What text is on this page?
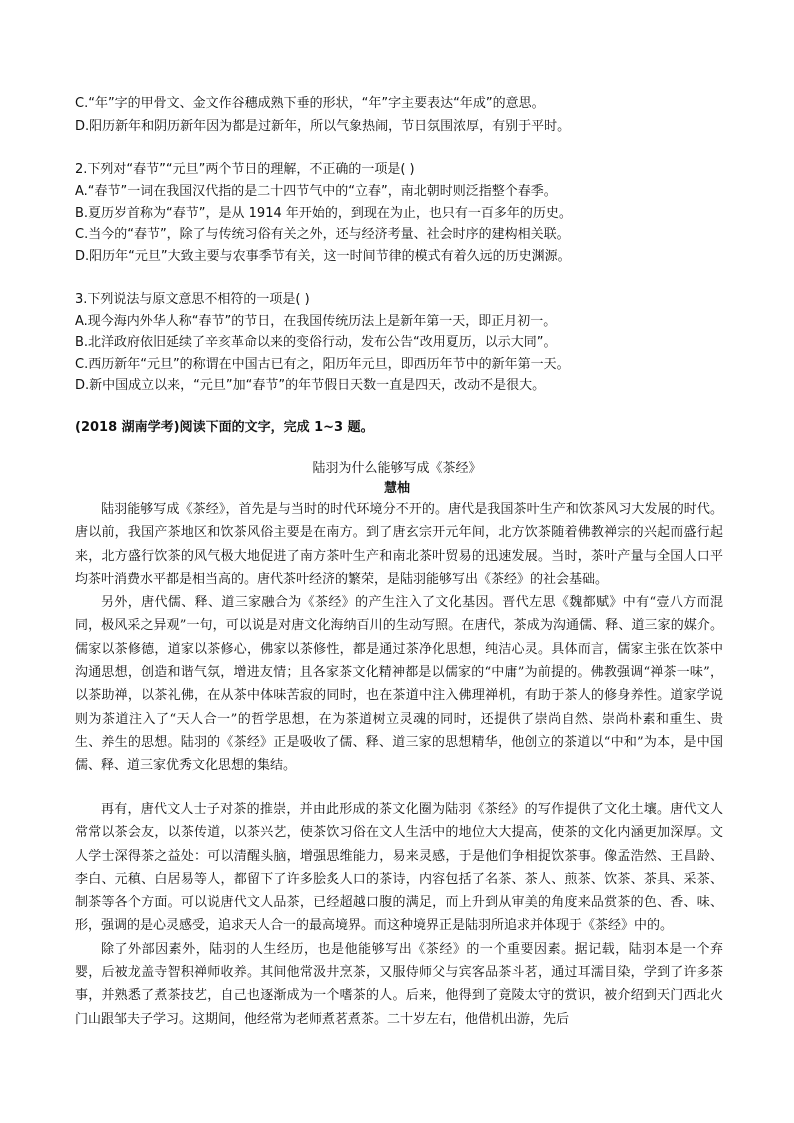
C.“年”字的甲骨文、金文作谷穗成熟下垂的形状，“年”字主要表达“年成”的意思。
D.阳历新年和阴历新年因为都是过新年，所以气象热闹，节日氛围浓厚，有别于平时。
2.下列对“春节”“元旦”两个节日的理解，不正确的一项是( )
A.“春节”一词在我国汉代指的是二十四节气中的“立春”，南北朝时则泛指整个春季。
B.夏历岁首称为“春节”，是从 1914 年开始的，到现在为止，也只有一百多年的历史。
C.当今的“春节”，除了与传统习俗有关之外，还与经济考量、社会时序的建构相关联。
D.阳历年“元旦”大致主要与农事季节有关，这一时间节律的模式有着久远的历史渊源。
3.下列说法与原文意思不相符的一项是( )
A.现今海内外华人称“春节”的节日，在我国传统历法上是新年第一天，即正月初一。
B.北洋政府依旧延续了辛亥革命以来的变俗行动，发布公告“改用夏历，以示大同”。
C.西历新年“元旦”的称谓在中国古已有之，阳历年元旦，即西历年节中的新年第一天。
D.新中国成立以来，“元旦”加“春节”的年节假日天数一直是四天，改动不是很大。
(2018 湖南学考)阅读下面的文字，完成 1~3 题。
陆羽为什么能够写成《茶经》
慧柚

陆羽能够写成《茶经》，首先是与当时的时代环境分不开的。唐代是我国茶叶生产和饮茶风习大发展的时代。唐以前，我国产茶地区和饮茶风俗主要是在南方。到了唐玄宗开元年间，北方饮茶随着佛教禅宗的兴起而盛行起来，北方盛行饮茶的风气极大地促进了南方茶叶生产和南北茶叶贸易的迅速发展。当时，茶叶产量与全国人口平均茶叶消费水平都是相当高的。唐代茶叶经济的繁荣，是陆羽能够写出《茶经》的社会基础。

另外，唐代儒、释、道三家融合为《茶经》的产生注入了文化基因。晋代左思《魏都赋》中有“壹八方而混同，极风采之异观”一句，可以说是对唐文化海纳百川的生动写照。在唐代，茶成为沟通儒、释、道三家的媒介。儒家以茶修德，道家以茶修心，佛家以茶修性，都是通过茶净化思想，纯洁心灵。具体而言，儒家主张在饮茶中沟通思想，创造和谐气氛，增进友情；且各家茶文化精神都是以儒家的“中庸”为前提的。佛教强调“禅茶一味”，以茶助禅，以茶礼佛，在从茶中体味苦寂的同时，也在茶道中注入佛理禅机，有助于茶人的修身养性。道家学说则为茶道注入了“天人合一”的哲学思想，在为茶道树立灵魂的同时，还提供了崇尚自然、崇尚朴素和重生、贵生、养生的思想。陆羽的《茶经》正是吸收了儒、释、道三家的思想精华，他创立的茶道以“中和”为本，是中国儒、释、道三家优秀文化思想的集结。

再有，唐代文人士子对茶的推崇，并由此形成的茶文化圈为陆羽《茶经》的写作提供了文化土壤。唐代文人常常以茶会友，以茶传道，以茶兴艺，使茶饮习俗在文人生活中的地位大大提高，使茶的文化内涵更加深厚。文人学士深得茶之益处：可以清醒头脑，增强思维能力，易来灵感，于是他们争相捉饮茶事。像孟浩然、王昌龄、李白、元稹、白居易等人，都留下了许多脍炙人口的茶诗，内容包括了名茶、茶人、煎茶、饮茶、茶具、采茶、制茶等各个方面。可以说唐代文人品茶，已经超越口腹的满足，而上升到从审美的角度来品赏茶的色、香、味、形，强调的是心灵感受，追求天人合一的最高境界。而这种境界正是陆羽所追求并体现于《茶经》中的。

除了外部因素外，陆羽的人生经历，也是他能够写出《茶经》的一个重要因素。据记载，陆羽本是一个弃婴，后被龙盖寺智积禅师收养。其间他常汲井烹茶，又服侍师父与宾客品茶斗茗，通过耳濡目染，学到了许多茶事，并熟悉了煮茶技艺，自己也逐渐成为一个嗜茶的人。后来，他得到了竟陵太守的赏识，被介绍到天门西北火门山跟邹夫子学习。这期间，他经常为老师煮茗煮茶。二十岁左右，他借机出游，先后
